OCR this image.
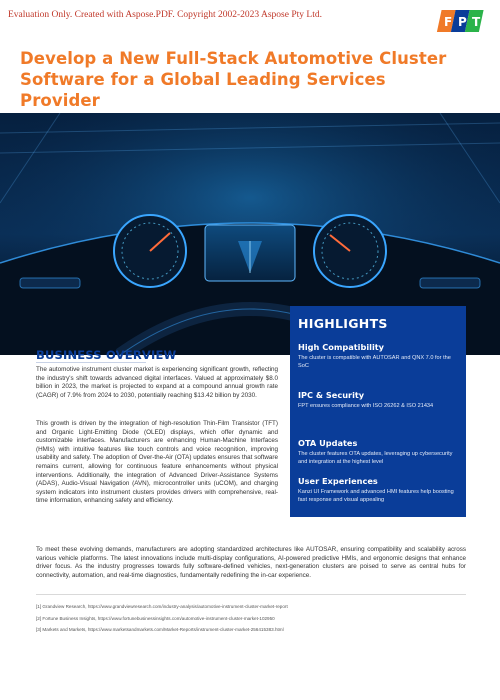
Evaluation Only. Created with Aspose.PDF. Copyright 2002-2023 Aspose Pty Ltd.	F P T
Develop a New Full-Stack Automotive Cluster Software for a Global Leading Services Provider
BUSINESS OVERVIEW
The automotive instrument cluster market is experiencing significant growth, reflecting the industry's shift towards advanced digital interfaces. Valued at approximately $8.0 billion in 2023, the market is projected to expand at a compound annual growth rate (CAGR) of 7.9% from 2024 to 2030, potentially reaching $13.42 billion by 2030.
This growth is driven by the integration of high-resolution Thin-Film Transistor (TFT) and Organic Light-Emitting Diode (OLED) displays, which offer dynamic and customizable interfaces. Manufacturers are enhancing Human-Machine Interfaces (HMIs) with intuitive features like touch controls and voice recognition, improving usability and safety. The adoption of Over-the-Air (OTA) updates ensures that software remains current, allowing for continuous feature enhancements without physical interventions. Additionally, the integration of Advanced Driver-Assistance Systems (ADAS), Audio-Visual Navigation (AVN), microcontroller units (uCOM), and charging system indicators into instrument clusters provides drivers with comprehensive, real-time information, enhancing safety and efficiency.
HIGHLIGHTS
High Compatibility
The cluster is compatible with AUTOSAR and QNX 7.0 for the SoC
IPC & Security
FPT ensures compliance with ISO 26262 & ISO 21434
OTA Updates
The cluster features OTA updates, leveraging up cybersecurity and integration at the highest level
User Experiences
Kanzi UI Framework and advanced HMI features help boosting fast response and visual appealing
To meet these evolving demands, manufacturers are adopting standardized architectures like AUTOSAR, ensuring compatibility and scalability across various vehicle platforms. The latest innovations include multi-display configurations, AI-powered predictive HMIs, and ergonomic designs that enhance driver focus. As the industry progresses towards fully software-defined vehicles, next-generation clusters are poised to serve as central hubs for connectivity, automation, and real-time diagnostics, fundamentally redefining the in-car experience.
[1] Grandview Research, https://www.grandviewresearch.com/industry-analysis/automotive-instrument-cluster-market-report
[2] Fortune Business Insights, https://www.fortunebusinessinsights.com/automotive-instrument-cluster-market-102950
[3] Markets and Markets, https://www.marketsandmarkets.com/Market-Reports/instrument-cluster-market-256415383.html
